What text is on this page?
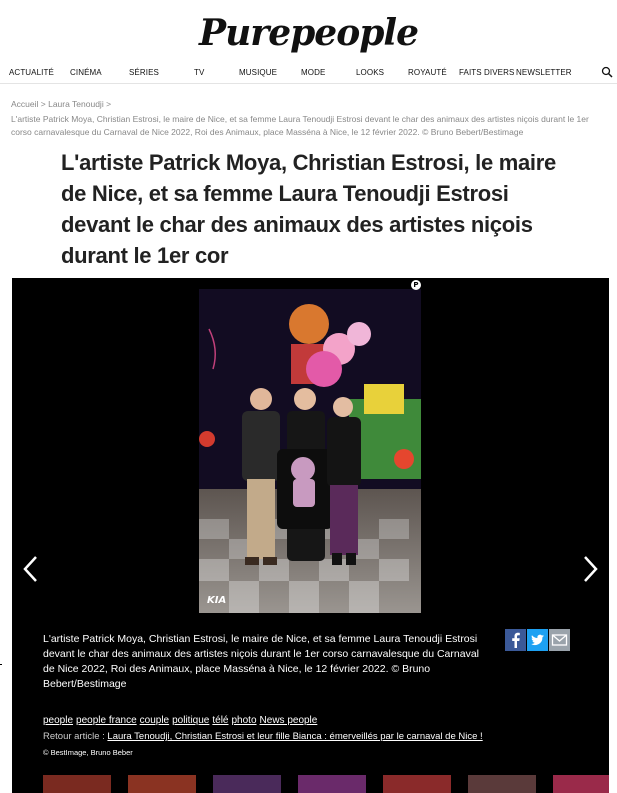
Purepeople
ACTUALITÉ CINÉMA	SÉRIES	TV	MUSIQUE	MODE	LOOKS	ROYAUTÉ FAITS DIVERS NEWSLETTER
Accueil > Laura Tenoudji >
L'artiste Patrick Moya, Christian Estrosi, le maire de Nice, et sa femme Laura Tenoudji Estrosi devant le char des animaux des artistes niçois durant le 1er corso carnavalesque du Carnaval de Nice 2022, Roi des Animaux, place Masséna à Nice, le 12 février 2022. © Bruno Bebert/Bestimage
L'artiste Patrick Moya, Christian Estrosi, le maire de Nice, et sa femme Laura Tenoudji Estrosi devant le char des animaux des artistes niçois durant le 1er cor
KIA
P
L'artiste Patrick Moya, Christian Estrosi, le maire de Nice, et sa femme Laura Tenoudji Estrosi devant le char des animaux des artistes niçois durant le 1er corso carnavalesque du Carnaval de Nice 2022, Roi des Animaux, place Masséna à Nice, le 12 février 2022. © Bruno Bebert/Bestimage
people people france couple politique télé photo News people
Retour article : Laura Tenoudji, Christian Estrosi et leur fille Bianca : émerveillés par le carnaval de Nice !
© BestImage, Bruno Beber
